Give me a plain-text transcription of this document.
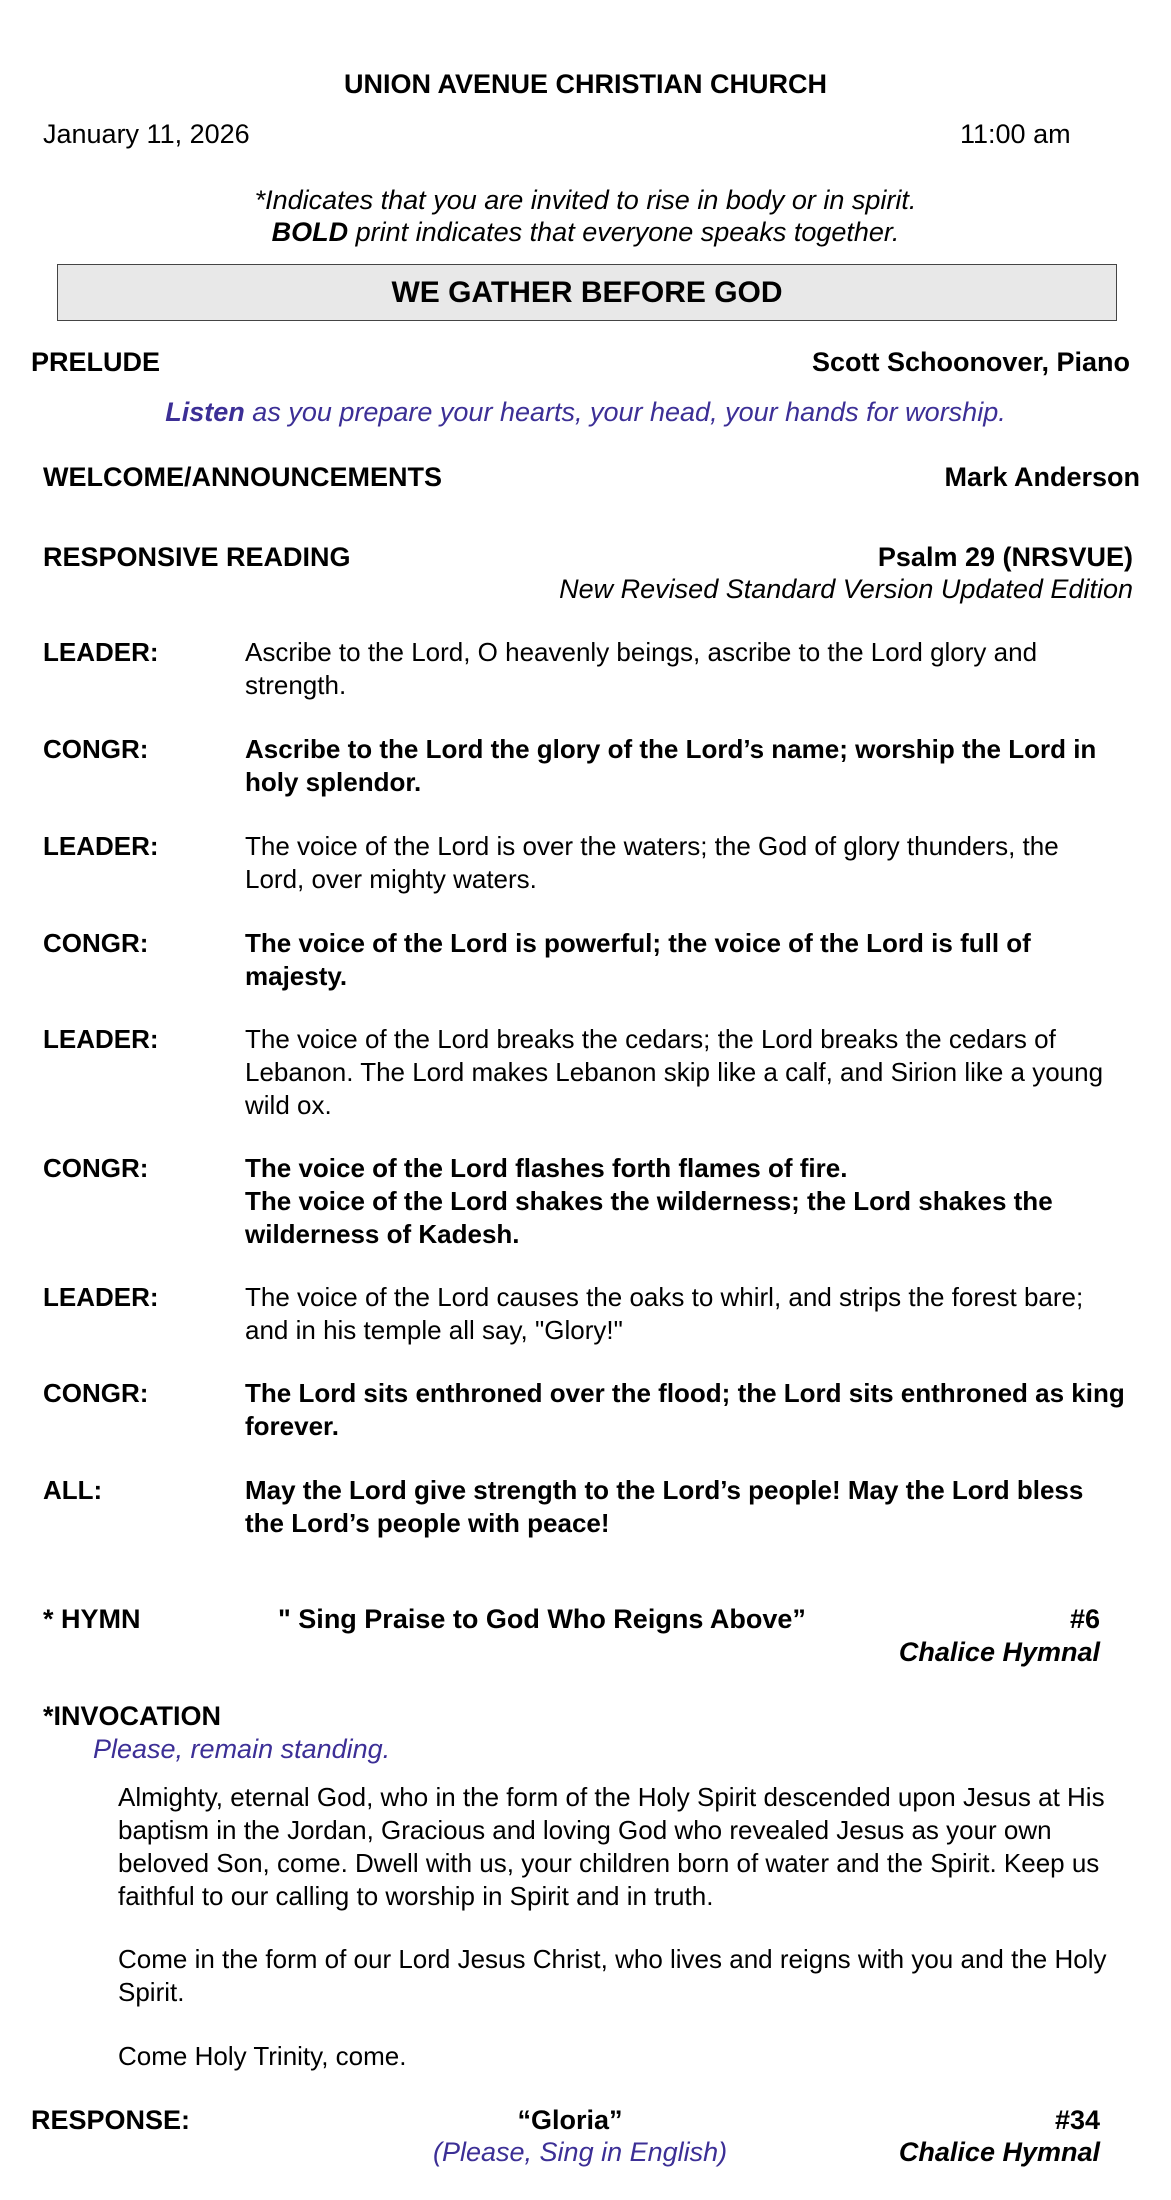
UNION AVENUE CHRISTIAN CHURCH
January 11, 2026	11:00 am
*Indicates that you are invited to rise in body or in spirit.
BOLD print indicates that everyone speaks together.
WE GATHER BEFORE GOD
PRELUDE	Scott Schoonover, Piano
Listen as you prepare your hearts, your head, your hands for worship.
WELCOME/ANNOUNCEMENTS	Mark Anderson
RESPONSIVE READING	Psalm 29 (NRSVUE)
New Revised Standard Version Updated Edition
LEADER:	Ascribe to the Lord, O heavenly beings, ascribe to the Lord glory and strength.
CONGR:	Ascribe to the Lord the glory of the Lord’s name; worship the Lord in holy splendor.
LEADER:	The voice of the Lord is over the waters; the God of glory thunders, the Lord, over mighty waters.
CONGR:	The voice of the Lord is powerful; the voice of the Lord is full of majesty.
LEADER:	The voice of the Lord breaks the cedars; the Lord breaks the cedars of Lebanon. The Lord makes Lebanon skip like a calf, and Sirion like a young wild ox.
CONGR:	The voice of the Lord flashes forth flames of fire.
The voice of the Lord shakes the wilderness; the Lord shakes the wilderness of Kadesh.
LEADER:	The voice of the Lord causes the oaks to whirl, and strips the forest bare; and in his temple all say, "Glory!"
CONGR:	The Lord sits enthroned over the flood; the Lord sits enthroned as king forever.
ALL:	May the Lord give strength to the Lord’s people! May the Lord bless the Lord’s people with peace!
* HYMN	" Sing Praise to God Who Reigns Above”	#6
Chalice Hymnal
*INVOCATION
Please, remain standing.
Almighty, eternal God, who in the form of the Holy Spirit descended upon Jesus at His baptism in the Jordan, Gracious and loving God who revealed Jesus as your own beloved Son, come. Dwell with us, your children born of water and the Spirit. Keep us faithful to our calling to worship in Spirit and in truth.
Come in the form of our Lord Jesus Christ, who lives and reigns with you and the Holy Spirit.
Come Holy Trinity, come.
RESPONSE:	“Gloria”	#34
(Please, Sing in English)	Chalice Hymnal
